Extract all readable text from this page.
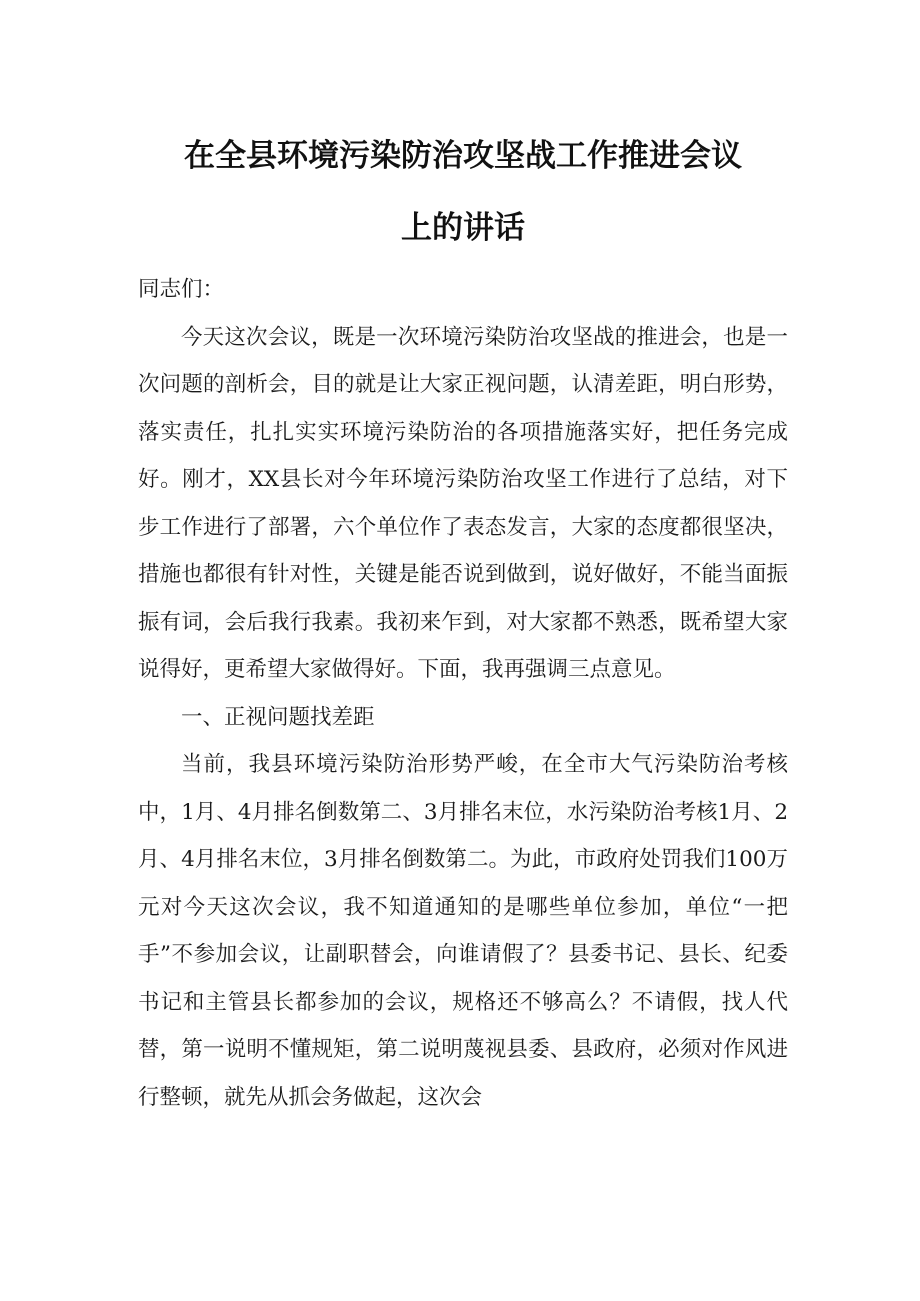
在全县环境污染防治攻坚战工作推进会议
上的讲话

同志们：

今天这次会议，既是一次环境污染防治攻坚战的推进会，也是一次问题的剖析会，目的就是让大家正视问题，认清差距，明白形势，落实责任，扎扎实实环境污染防治的各项措施落实好，把任务完成好。刚才，XX县长对今年环境污染防治攻坚工作进行了总结，对下步工作进行了部署，六个单位作了表态发言，大家的态度都很坚决，措施也都很有针对性，关键是能否说到做到，说好做好，不能当面振振有词，会后我行我素。我初来乍到，对大家都不熟悉，既希望大家说得好，更希望大家做得好。下面，我再强调三点意见。

一、正视问题找差距

当前，我县环境污染防治形势严峻，在全市大气污染防治考核中，1月、4月排名倒数第二、3月排名末位，水污染防治考核1月、2月、4月排名末位，3月排名倒数第二。为此，市政府处罚我们100万元对今天这次会议，我不知道通知的是哪些单位参加，单位“一把手”不参加会议，让副职替会，向谁请假了？县委书记、县长、纪委书记和主管县长都参加的会议，规格还不够高么？不请假，找人代替，第一说明不懂规矩，第二说明蔑视县委、县政府，必须对作风进行整顿，就先从抓会务做起，这次会
